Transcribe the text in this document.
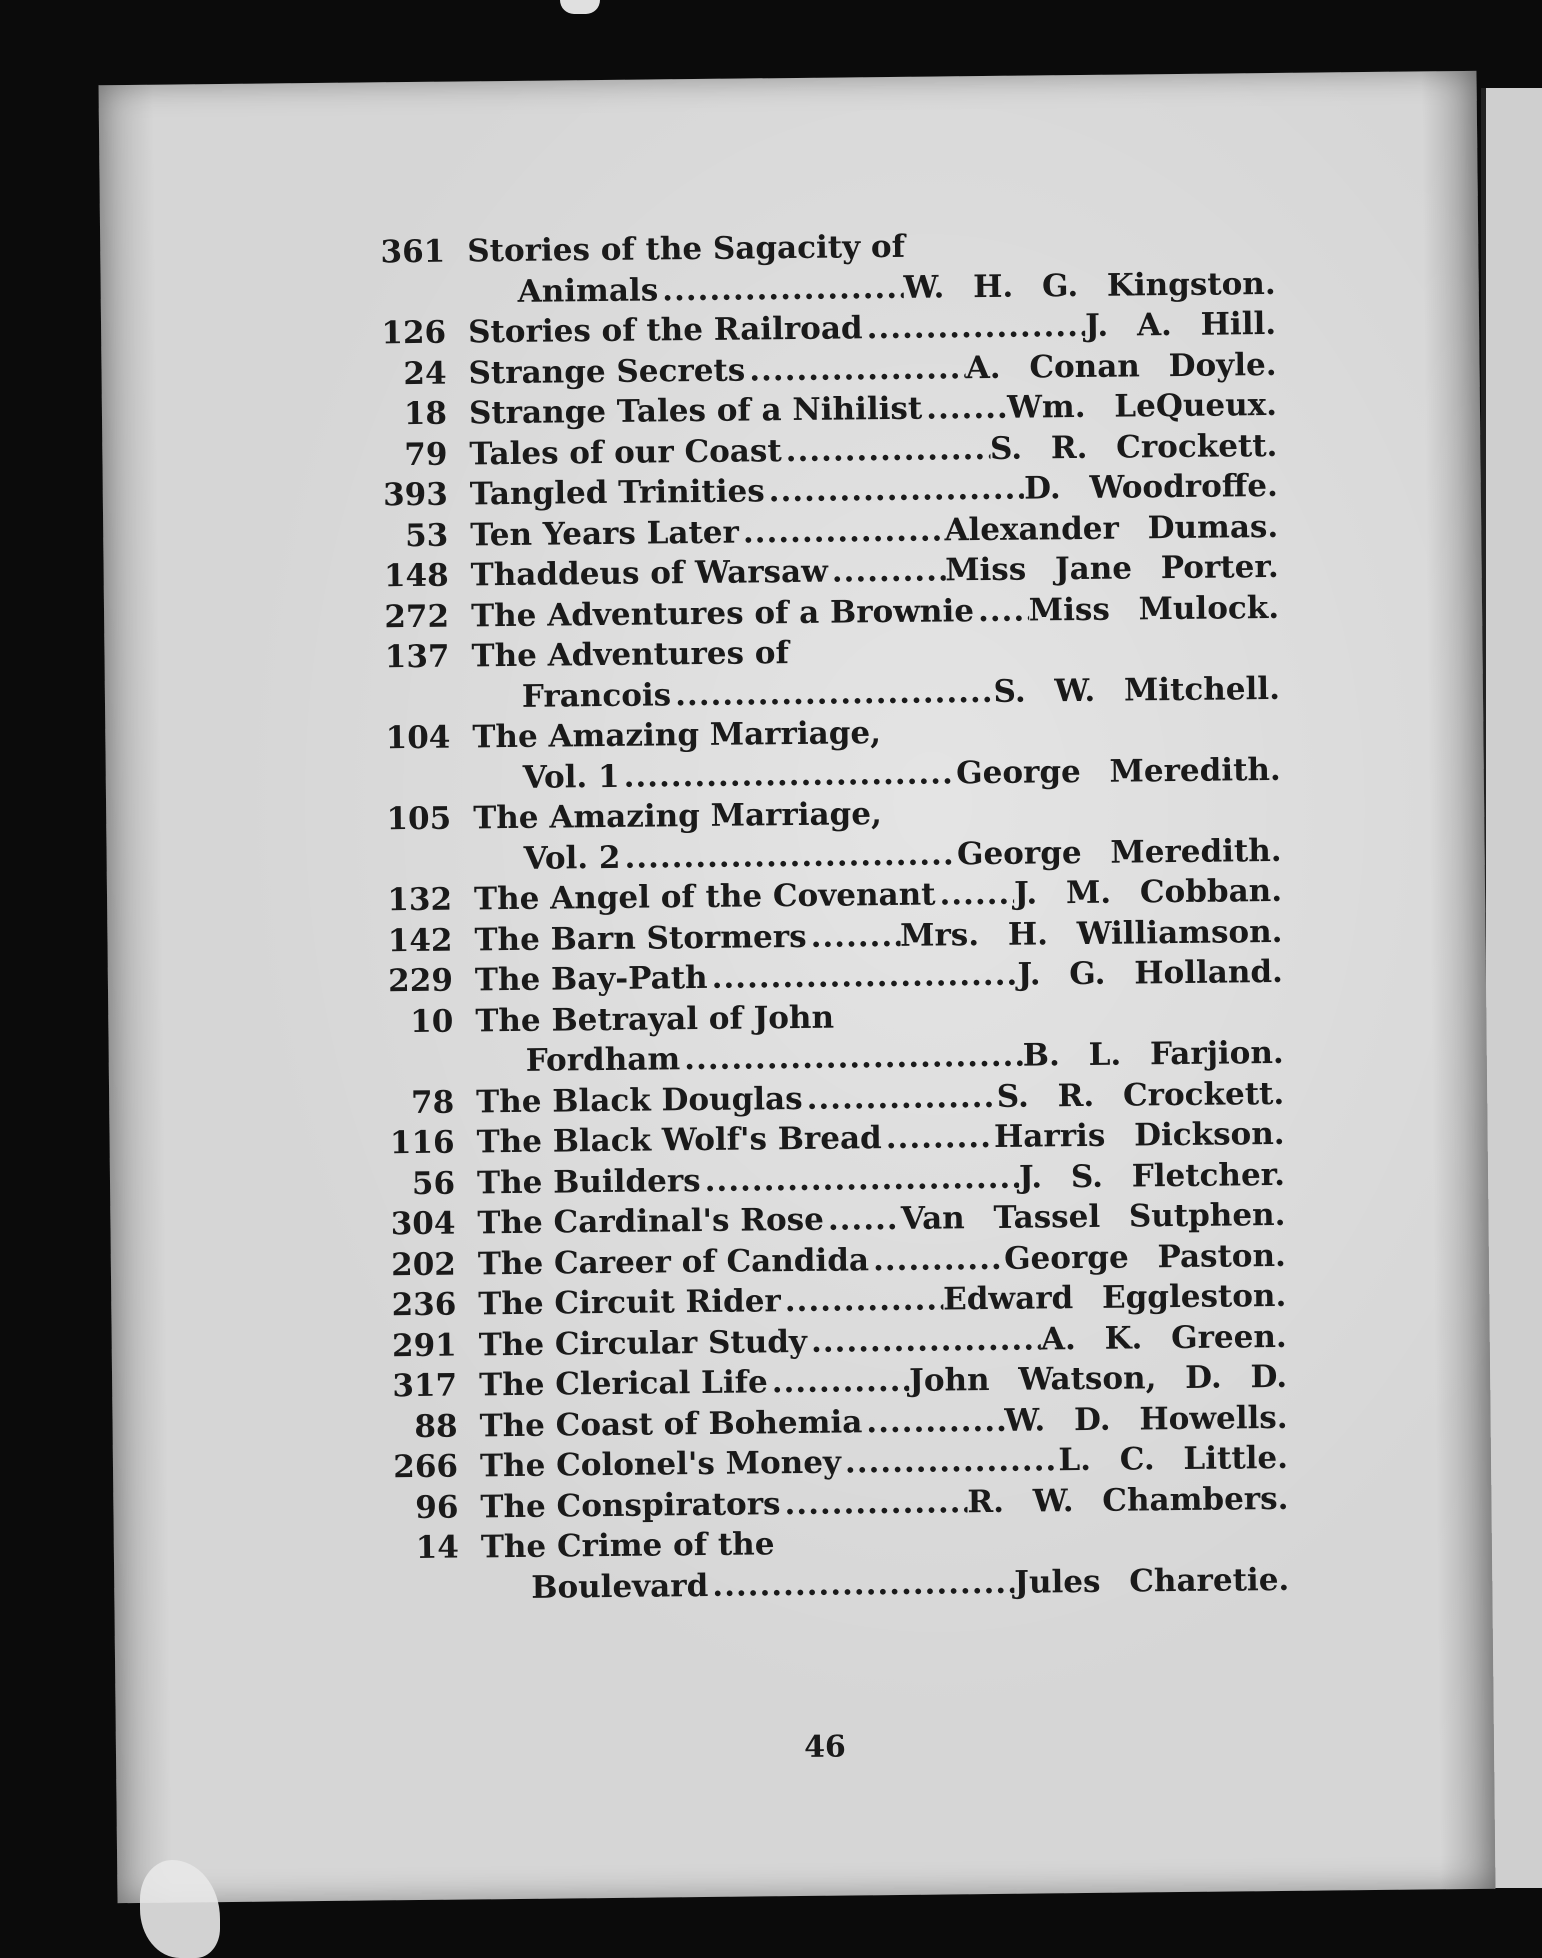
361 Stories of the Sagacity of
Animals .....	W. H. G. Kingston.
126 Stories of the Railroad .....	J. A. Hill.
24 Strange Secrets .....	A. Conan Doyle.
18 Strange Tales of a Nihilist .....	Wm. LeQueux.
79 Tales of our Coast .....	S. R. Crockett.
393 Tangled Trinities .....	D. Woodroffe.
53 Ten Years Later .....	Alexander Dumas.
148 Thaddeus of Warsaw .....	Miss Jane Porter.
272 The Adventures of a Brownie ..... Miss Mulock.
137 The Adventures of
Francois .....	S. W. Mitchell.
104 The Amazing Marriage,
Vol. 1 .....	George Meredith.
105 The Amazing Marriage,
Vol. 2 .....	George Meredith.
132 The Angel of the Covenant .....	J. M. Cobban.
142 The Barn Stormers .....	Mrs. H. Williamson.
229 The Bay-Path .....	J. G. Holland.
10 The Betrayal of John
Fordham .....	B. L. Farjion.
78 The Black Douglas .....	S. R. Crockett.
116 The Black Wolf's Bread .....	Harris Dickson.
56 The Builders .....	J. S. Fletcher.
304 The Cardinal's Rose ..... Van Tassel Sutphen.
202 The Career of Candida .....	George Paston.
236 The Circuit Rider .....	Edward Eggleston.
291 The Circular Study .....	A. K. Green.
317 The Clerical Life .....	John Watson, D. D.
88 The Coast of Bohemia .....	W. D. Howells.
266 The Colonel's Money .....	L. C. Little.
96 The Conspirators .....	R. W. Chambers.
14 The Crime of the
Boulevard .....	Jules Charetie.
46
